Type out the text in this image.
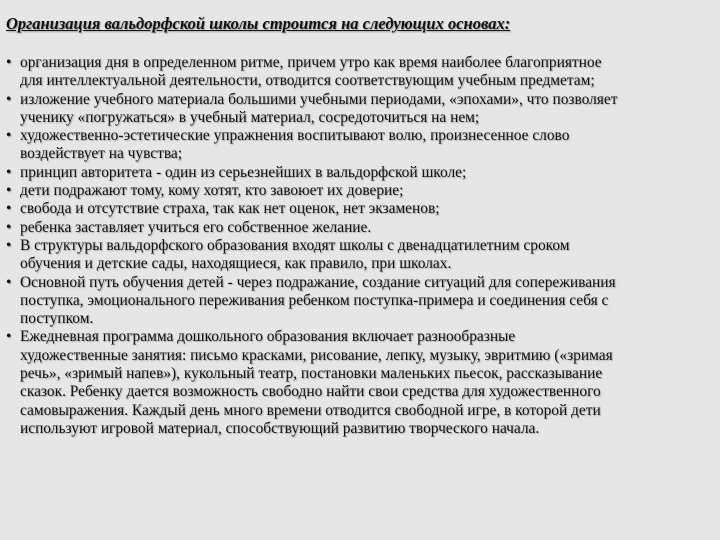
Организация вальдорфской школы строится на следующих основах:
• организация дня в определенном ритме, причем утро как время наиболее благоприятное
для интеллектуальной деятельности, отводится соответствующим учебным предметам;
• изложение учебного материала большими учебными периодами, «эпохами», что позволяет
ученику «погружаться» в учебный материал, сосредоточиться на нем;
• художественно-эстетические упражнения воспитывают волю, произнесенное слово
воздействует на чувства;
• принцип авторитета - один из серьезнейших в вальдорфской школе;
• дети подражают тому, кому хотят, кто завоюет их доверие;
• свобода и отсутствие страха, так как нет оценок, нет экзаменов;
• ребенка заставляет учиться его собственное желание.
• В структуры вальдорфского образования входят школы с двенадцатилетним сроком
обучения и детские сады, находящиеся, как правило, при школах.
• Основной путь обучения детей - через подражание, создание ситуаций для сопереживания
поступка, эмоционального переживания ребенком поступка-примера и соединения себя с
поступком.
• Ежедневная программа дошкольного образования включает разнообразные
художественные занятия: письмо красками, рисование, лепку, музыку, эвритмию («зримая
речь», «зримый напев»), кукольный театр, постановки маленьких пьесок, рассказывание
сказок. Ребенку дается возможность свободно найти свои средства для художественного
самовыражения. Каждый день много времени отводится свободной игре, в которой дети
используют игровой материал, способствующий развитию творческого начала.
